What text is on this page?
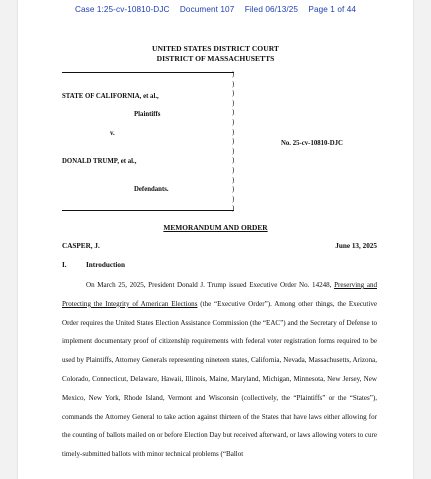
Case 1:25-cv-10810-DJC Document 107 Filed 06/13/25 Page 1 of 44
UNITED STATES DISTRICT COURT
DISTRICT OF MASSACHUSETTS
)
)
)
)
)
)
)
)
)
)
)
)
)
)
)
STATE OF CALIFORNIA, et al.,
Plaintiffs
v.
DONALD TRUMP, et al.,
Defendants.
No. 25-cv-10810-DJC
MEMORANDUM AND ORDER
CASPER, J.	June 13, 2025
I.	Introduction
On March 25, 2025, President Donald J. Trump issued Executive Order No. 14248, Preserving and Protecting the Integrity of American Elections (the “Executive Order”). Among other things, the Executive Order requires the United States Election Assistance Commission (the “EAC”) and the Secretary of Defense to implement documentary proof of citizenship requirements with federal voter registration forms required to be used by Plaintiffs, Attorney Generals representing nineteen states, California, Nevada, Massachusetts, Arizona, Colorado, Connecticut, Delaware, Hawaii, Illinois, Maine, Maryland, Michigan, Minnesota, New Jersey, New Mexico, New York, Rhode Island, Vermont and Wisconsin (collectively, the “Plaintiffs” or the “States”), commands the Attorney General to take action against thirteen of the States that have laws either allowing for the counting of ballots mailed on or before Election Day but received afterward, or laws allowing voters to cure timely-submitted ballots with minor technical problems (“Ballot
